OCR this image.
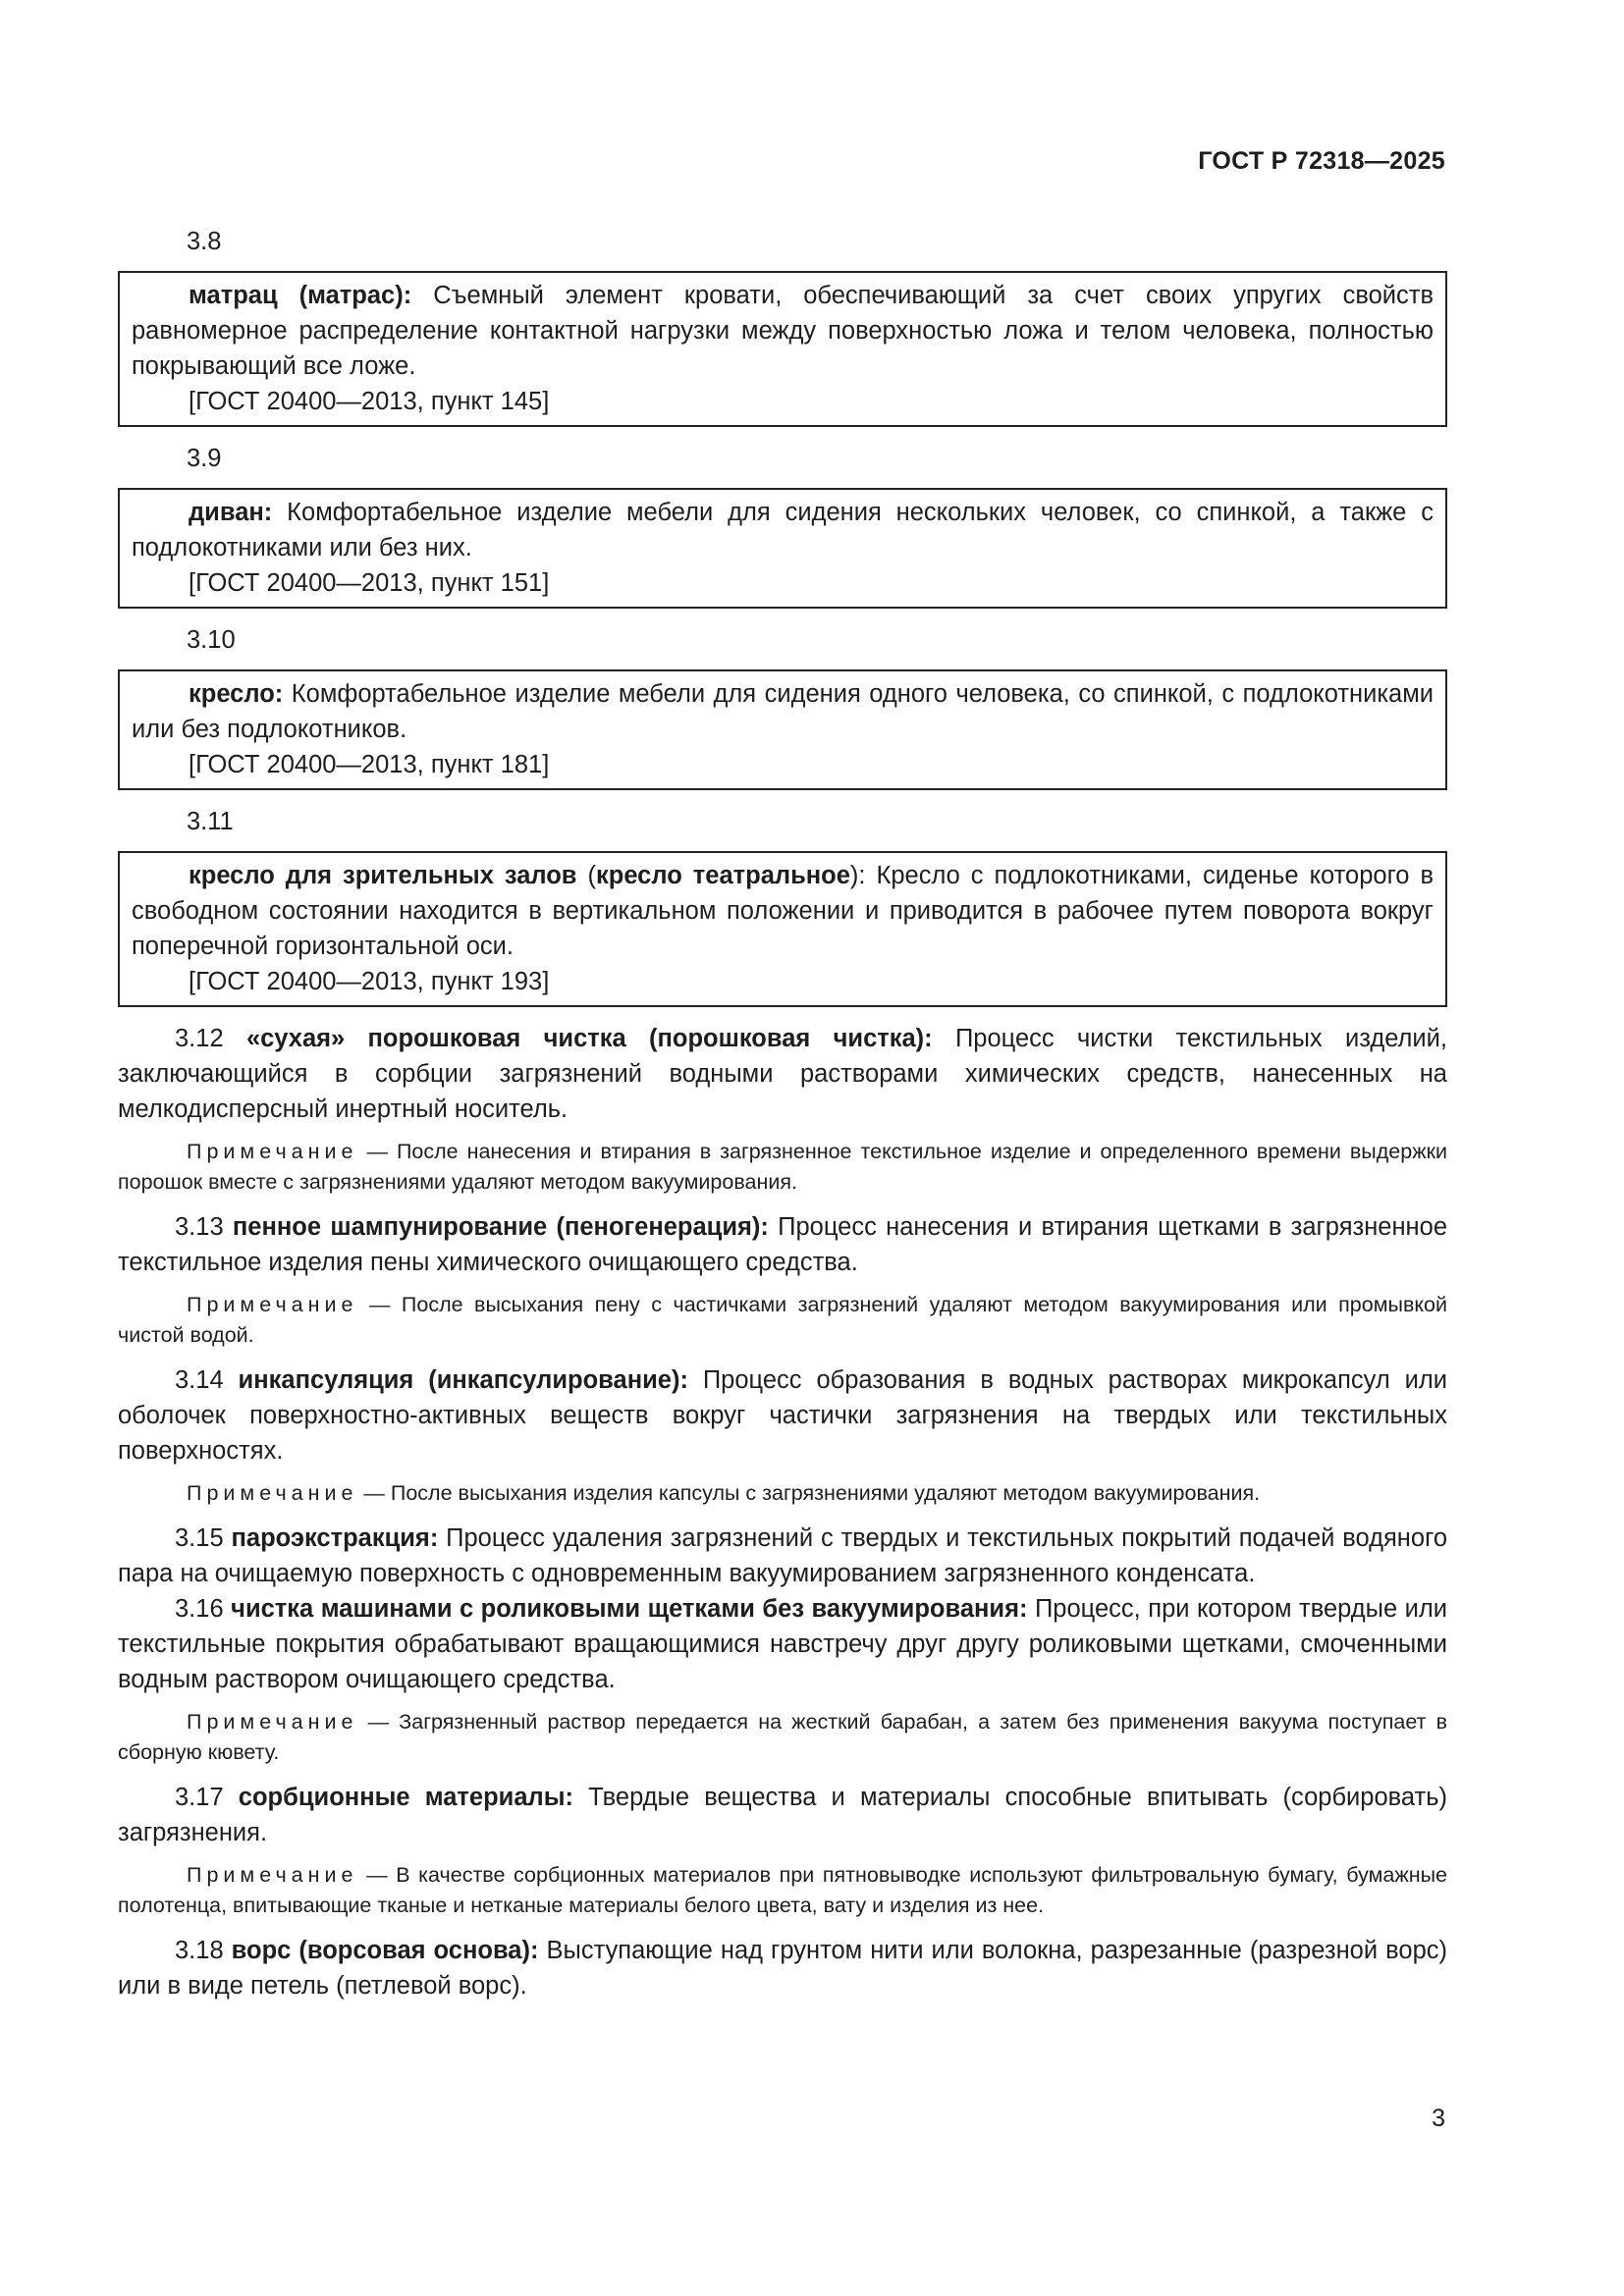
ГОСТ Р 72318—2025
3.8
матрац (матрас): Съемный элемент кровати, обеспечивающий за счет своих упругих свойств равномерное распределение контактной нагрузки между поверхностью ложа и телом человека, полностью покрывающий все ложе.
[ГОСТ 20400—2013, пункт 145]
3.9
диван: Комфортабельное изделие мебели для сидения нескольких человек, со спинкой, а также с подлокотниками или без них.
[ГОСТ 20400—2013, пункт 151]
3.10
кресло: Комфортабельное изделие мебели для сидения одного человека, со спинкой, с подлокотниками или без подлокотников.
[ГОСТ 20400—2013, пункт 181]
3.11
кресло для зрительных залов (кресло театральное): Кресло с подлокотниками, сиденье которого в свободном состоянии находится в вертикальном положении и приводится в рабочее путем поворота вокруг поперечной горизонтальной оси.
[ГОСТ 20400—2013, пункт 193]
3.12 «сухая» порошковая чистка (порошковая чистка): Процесс чистки текстильных изделий, заключающийся в сорбции загрязнений водными растворами химических средств, нанесенных на мелкодисперсный инертный носитель.
Примечание — После нанесения и втирания в загрязненное текстильное изделие и определенного времени выдержки порошок вместе с загрязнениями удаляют методом вакуумирования.
3.13 пенное шампунирование (пеногенерация): Процесс нанесения и втирания щетками в загрязненное текстильное изделия пены химического очищающего средства.
Примечание — После высыхания пену с частичками загрязнений удаляют методом вакуумирования или промывкой чистой водой.
3.14 инкапсуляция (инкапсулирование): Процесс образования в водных растворах микрокапсул или оболочек поверхностно-активных веществ вокруг частички загрязнения на твердых или текстильных поверхностях.
Примечание — После высыхания изделия капсулы с загрязнениями удаляют методом вакуумирования.
3.15 пароэкстракция: Процесс удаления загрязнений с твердых и текстильных покрытий подачей водяного пара на очищаемую поверхность с одновременным вакуумированием загрязненного конденсата.
3.16 чистка машинами с роликовыми щетками без вакуумирования: Процесс, при котором твердые или текстильные покрытия обрабатывают вращающимися навстречу друг другу роликовыми щетками, смоченными водным раствором очищающего средства.
Примечание — Загрязненный раствор передается на жесткий барабан, а затем без применения вакуума поступает в сборную кювету.
3.17 сорбционные материалы: Твердые вещества и материалы способные впитывать (сорбировать) загрязнения.
Примечание — В качестве сорбционных материалов при пятновыводке используют фильтровальную бумагу, бумажные полотенца, впитывающие тканые и нетканые материалы белого цвета, вату и изделия из нее.
3.18 ворс (ворсовая основа): Выступающие над грунтом нити или волокна, разрезанные (разрезной ворс) или в виде петель (петлевой ворс).
3
